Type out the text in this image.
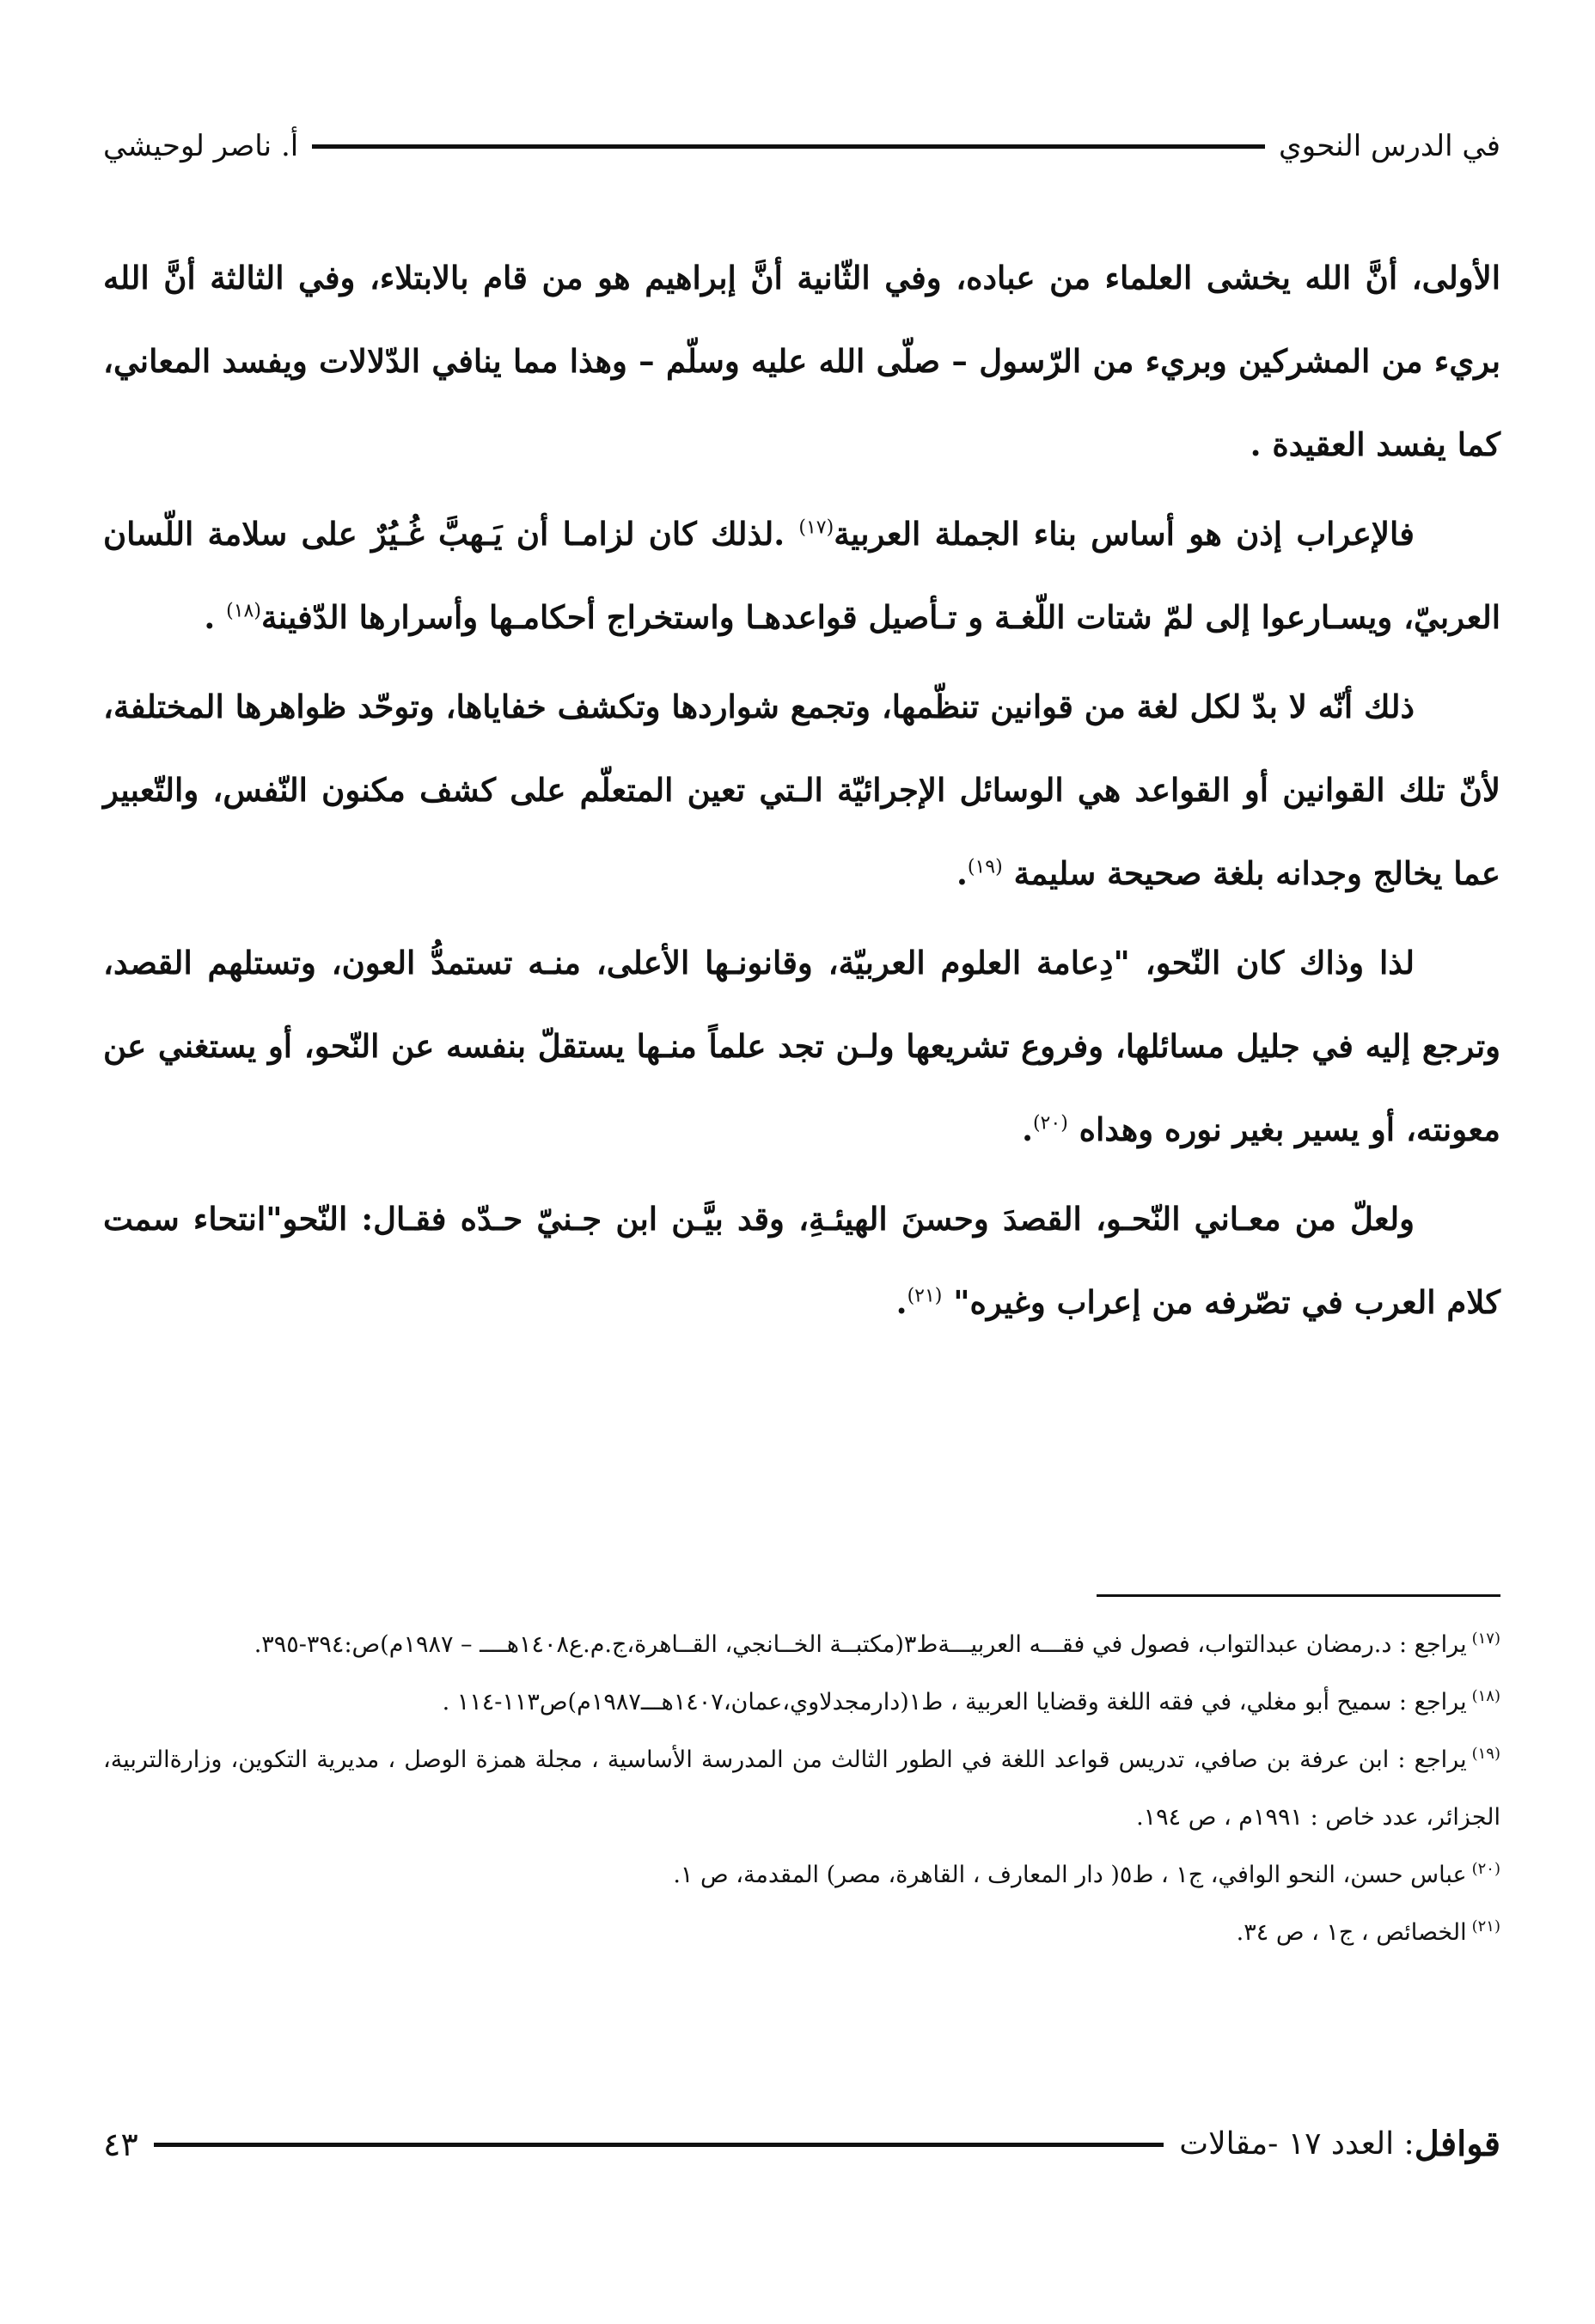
في الدرس النحوي
أ. ناصر لوحيشي

الأولى، أنَّ الله يخشى العلماء من عباده، وفي الثّانية أنَّ إبراهيم هو من قام بالابتلاء، وفي الثالثة أنَّ الله بريء من المشركين وبريء من الرّسول – صلّى الله عليه وسلّم – وهذا مما ينافي الدّلالات ويفسد المعاني، كما يفسد العقيدة .

فالإعراب إذن هو أساس بناء الجملة العربية$^{(١٧)}$ .لذلك كان لزامـا أن يَـهبَّ غُـيُرٌ على سلامة اللّسان العربيّ، ويسـارعوا إلى لمّ شتات اللّغـة و تـأصيل قواعدهـا واستخراج أحكامـها وأسرارها الدّفينة$^{(١٨)}$ .

ذلك أنّه لا بدّ لكل لغة من قوانين تنظّمها، وتجمع شواردها وتكشف خفاياها، وتوحّد ظواهرها المختلفة، لأنّ تلك القوانين أو القواعد هي الوسائل الإجرائيّة الـتي تعين المتعلّم على كشف مكنون النّفس، والتّعبير عما يخالج وجدانه بلغة صحيحة سليمة $^{(١٩)}$.

لذا وذاك كان النّحو، "دِعامة العلوم العربيّة، وقانونـها الأعلى، منـه تستمدُّ العون، وتستلهم القصد، وترجع إليه في جليل مسائلها، وفروع تشريعها ولـن تجد علماً منـها يستقلّ بنفسه عن النّحو، أو يستغني عن معونته، أو يسير بغير نوره وهداه $^{(٢٠)}$.

ولعلّ من معـاني النّحـو، القصدَ وحسنَ الهيئـةِ، وقد بيَّـن ابن جـنيّ حـدّه فقـال: النّحو"انتحاء سمت كلام العرب في تصّرفه من إعراب وغيره" $^{(٢١)}$.

$^{(١٧)}$يراجع : د.رمضان عبدالتواب، فصول في فقـــه العربيـــةط٣(مكتبــة الخــانجي، القــاهرة،ج.م.ع١٤٠٨هــــ – ١٩٨٧م)ص:٣٩٤-٣٩٥.

$^{(١٨)}$يراجع : سميح أبو مغلي، في فقه اللغة وقضايا العربية ، ط١(دارمجدلاوي،عمان،١٤٠٧هـــ١٩٨٧م)ص١١٣-١١٤ .

$^{(١٩)}$يراجع : ابن عرفة بن صافي، تدريس قواعد اللغة في الطور الثالث من المدرسة الأساسية ، مجلة همزة الوصل ، مديرية التكوين، وزارةالتربية، الجزائر، عدد خاص : ١٩٩١م ، ص ١٩٤.

$^{(٢٠)}$عباس حسن، النحو الوافي، ج١ ، ط٥( دار المعارف ، القاهرة، مصر) المقدمة، ص ١.

$^{(٢١)}$الخصائص ، ج١ ، ص ٣٤.

قوافل
: العدد ١٧ -مقالات
٤٣
